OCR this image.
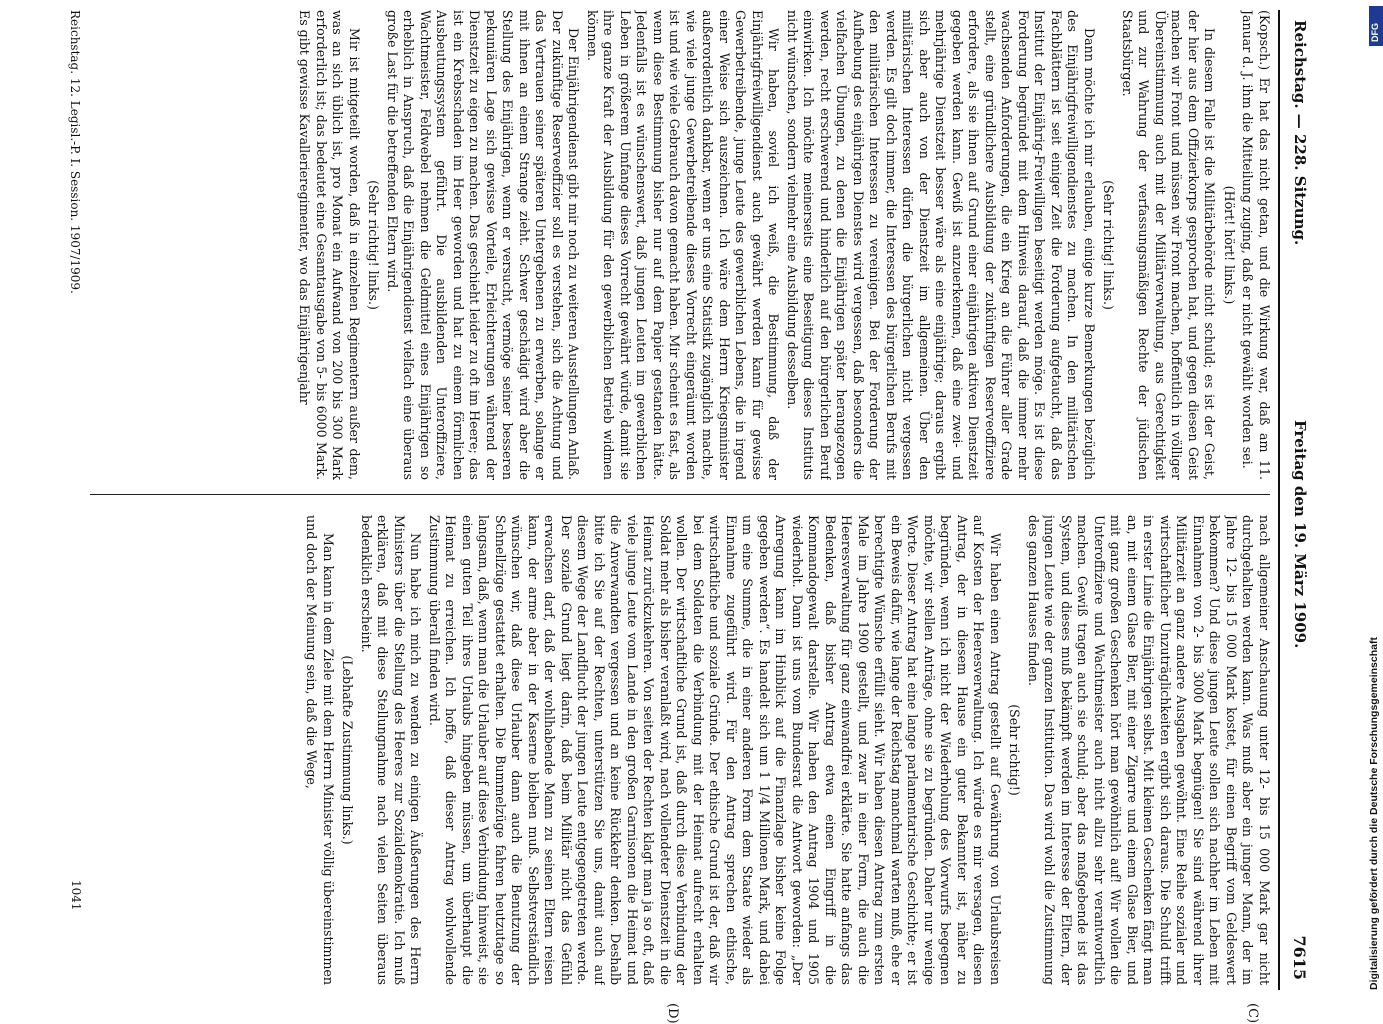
Reichstag. — 228. Sitzung.
Freitag den 19. März 1909.
7615
(C)
(D)

(Kopsch.) Er hat das nicht getan, und die Wirkung war, daß am 11. Januar d. J. ihm die Mitteilung zuging, daß er nicht gewählt worden sei.

(Hört! hört! links.)

In diesem Falle ist die Militärbehörde nicht schuld; es ist der Geist, der hier aus dem Offizierkorps gesprochen hat, und gegen diesen Geist machen wir Front und müssen wir Front machen, hoffentlich in völliger Übereinstimmung auch mit der Militärverwaltung, aus Gerechtigkeit und zur Wahrung der verfassungsmäßigen Rechte der jüdischen Staatsbürger.

(Sehr richtig! links.)

Dann möchte ich mir erlauben, einige kurze Bemerkungen bezüglich des Einjährigfreiwilligendienstes zu machen. In den militärischen Fachblättern ist seit einiger Zeit die Forderung aufgetaucht, daß das Institut der Einjährig-Freiwilligen beseitigt werden möge. Es ist diese Forderung begründet mit dem Hinweis darauf, daß die immer mehr wachsenden Anforderungen, die ein Krieg an die Führer aller Grade stellt, eine gründlichere Ausbildung der zukünftigen Reserveoffiziere erfordere, als sie ihnen auf Grund einer einjährigen aktiven Dienstzeit gegeben werden kann. Gewiß ist anzuerkennen, daß eine zwei- und mehrjährige Dienstzeit besser wäre als eine einjährige; daraus ergibt sich aber auch von der Dienstzeit im allgemeinen. Über den militärischen Interessen dürfen die bürgerlichen nicht vergessen werden. Es gilt doch immer, die Interessen des bürgerlichen Berufs mit den militärischen Interessen zu vereinigen. Bei der Forderung der Aufhebung des einjährigen Dienstes wird vergessen, daß besonders die vielfachen Übungen, zu denen die Einjährigen später herangezogen werden, recht erschwerend und hinderlich auf den bürgerlichen Beruf einwirken. Ich möchte meinerseits eine Beseitigung dieses Instituts nicht wünschen, sondern vielmehr eine Ausbildung desselben.

Wir haben, soviel ich weiß, die Bestimmung, daß der Einjährigfreiwilligendienst auch gewährt werden kann für gewisse Gewerbetreibende, junge Leute des gewerblichen Lebens, die in irgend einer Weise sich auszeichnen. Ich wäre dem Herrn Kriegsminister außerordentlich dankbar, wenn er uns eine Statistik zugänglich machte, wie viele junge Gewerbetreibende dieses Vorrecht eingeräumt worden ist und wie viele Gebrauch davon gemacht haben. Mir scheint es fast, als wenn diese Bestimmung bisher nur auf dem Papier gestanden hätte. Jedenfalls ist es wünschenswert, daß jungen Leuten im gewerblichen Leben in größerem Umfange dieses Vorrecht gewährt würde, damit sie ihre ganze Kraft der Ausbildung für den gewerblichen Betrieb widmen können.

Der Einjährigendienst gibt mir noch zu weiteren Ausstellungen Anlaß. Der zukünftige Reserveoffizier soll es verstehen, sich die Achtung und das Vertrauen seiner späteren Untergebenen zu erwerben, solange er mit ihnen an einem Strange zieht. Schwer geschädigt wird aber die Stellung des Einjährigen, wenn er versucht, vermöge seiner besseren pekuniären Lage sich gewisse Vorteile, Erleichterungen während der Dienstzeit zu eigen zu machen. Das geschieht leider zu oft im Heere; das ist ein Krebsschaden im Heer geworden und hat zu einem förmlichen Ausbeutungssystem geführt. Die ausbildenden Unteroffiziere, Wachtmeister, Feldwebel nehmen die Geldmittel eines Einjährigen so erheblich in Anspruch, daß die Einjährigendienst vielfach eine überaus große Last für die betreffenden Eltern wird.

(Sehr richtig! links.)

Mir ist mitgeteilt worden, daß in einzelnen Regimentern außer dem, was an sich üblich ist, pro Monat ein Aufwand von 200 bis 300 Mark erforderlich ist; das bedeutet eine Gesamtausgabe von 5- bis 6000 Mark. Es gibt gewisse Kavallerieregimenter, wo das Einjährigenjahr

nach allgemeiner Anschauung unter 12- bis 15 000 Mark gar nicht durchgehalten werden kann. Was muß aber ein junger Mann, der im Jahre 12- bis 15 000 Mark kostet, für einen Begriff vom Geldeswert bekommen? Und diese jungen Leute sollen sich nachher im Leben mit Einnahmen von 2- bis 3000 Mark begnügen! Sie sind während ihrer Militärzeit an ganz andere Ausgaben gewöhnt. Eine Reihe sozialer und wirtschaftlicher Unzuträglichkeiten ergibt sich daraus. Die Schuld trifft in erster Linie die Einjährigen selbst. Mit kleinen Geschenken fängt man an, mit einem Glase Bier, mit einer Zigarre und einem Glase Bier, und mit ganz großen Geschenken hört man gewöhnlich auf! Wir wollen die Unteroffiziere und Wachtmeister auch nicht allzu sehr verantwortlich machen. Gewiß tragen auch sie schuld; aber das maßgebende ist das System, und dieses muß bekämpft werden im Interesse der Eltern, der jungen Leute wie der ganzen Institution. Das wird wohl die Zustimmung des ganzen Hauses finden.

(Sehr richtig!)

Wir haben einen Antrag gestellt auf Gewährung von Urlaubsreisen auf Kosten der Heeresverwaltung. Ich würde es mir versagen, diesen Antrag, der in diesem Hause ein guter Bekannter ist, näher zu begründen, wenn ich nicht der Wiederholung des Vorwurfs begegnen möchte, wir stellen Anträge, ohne sie zu begründen. Daher nur wenige Worte. Dieser Antrag hat eine lange parlamentarische Geschichte; er ist ein Beweis dafür, wie lange der Reichstag manchmal warten muß, ehe er berechtigte Wünsche erfüllt sieht. Wir haben diesen Antrag zum ersten Male im Jahre 1900 gestellt, und zwar in einer Form, die auch die Heeresverwaltung für ganz einwandfrei erklärte. Sie hatte anfangs das Bedenken, daß bisher Antrag etwa einen Eingriff in die Kommandogewalt darstelle. Wir haben den Antrag 1904 und 1905 wiederholt. Dann ist uns vom Bundesrat die Antwort geworden: „Der Anregung kann im Hinblick auf die Finanzlage bisher keine Folge gegeben werden“. Es handelt sich um 1 1/4 Millionen Mark, und dabei um eine Summe, die in einer anderen Form dem Staate wieder als Einnahme zugeführt wird. Für den Antrag sprechen ethische, wirtschaftliche und soziale Gründe. Der ethische Grund ist der, daß wir bei dem Soldaten die Verbindung mit der Heimat aufrecht erhalten wollen. Der wirtschaftliche Grund ist, daß durch diese Verbindung der Soldat mehr als bisher veranlaßt wird, nach vollendeter Dienstzeit in die Heimat zurückzukehren. Von seiten der Rechten klagt man ja so oft, daß viele junge Leute vom Lande in den großen Garnisonen die Heimat und die Anverwandten vergessen und an keine Rückkehr denken. Deshalb bitte ich Sie auf der Rechten, unterstützen Sie uns, damit auch auf diesem Wege der Landflucht der jungen Leute entgegengetreten werde. Der soziale Grund liegt darin, daß beim Militär nicht das Gefühl erwachsen darf, daß der wohlhabende Mann zu seinen Eltern reisen kann, der arme aber in der Kaserne bleiben muß. Selbstverständlich wünschen wir, daß diese Urlauber dann auch die Benutzung der Schnellzüge gestattet erhalten. Die Bummelzüge fahren heutzutage so langsam, daß, wenn man die Urlauber auf diese Verbindung hinweist, sie einen guten Teil ihres Urlaubs hingeben müssen, um überhaupt die Heimat zu erreichen. Ich hoffe, daß dieser Antrag wohlwollende Zustimmung überall finden wird.

Nun habe ich mich zu wenden zu einigen Äußerungen des Herrn Ministers über die Stellung des Heeres zur Sozialdemokratie. Ich muß erklären, daß mit diese Stellungnahme nach vielen Seiten überaus bedenklich erscheint.

(Lebhafte Zustimmung links.)

Man kann in dem Ziele mit dem Herrn Minister völlig übereinstimmen und doch der Meinung sein, daß die Wege,

Reichstag. 12. Legisl.-P. I. Session. 1907/1909.
1041	Digitalisierung gefördert durch die Deutsche Forschungsgemeinschaft
DFG
